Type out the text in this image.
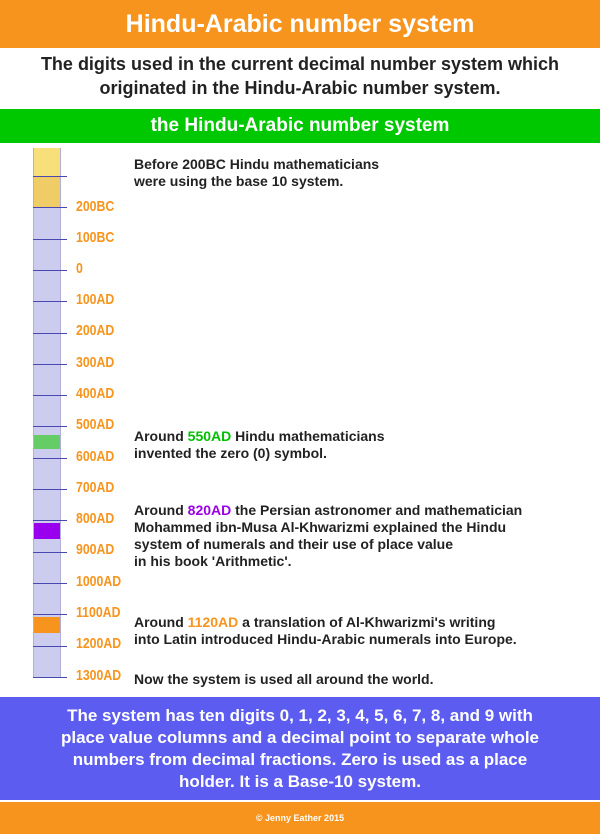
Hindu-Arabic number system
The digits used in the current decimal number system which
originated in the Hindu-Arabic number system.
the Hindu-Arabic number system
200BC
100BC
0
100AD
200AD
300AD
400AD
500AD
600AD
700AD
800AD
900AD
1000AD
1100AD
1200AD
1300AD
Before 200BC Hindu mathematicians
were using the base 10 system.
Around 550AD Hindu mathematicians
invented the zero (0) symbol.
Around 820AD the Persian astronomer and mathematician
Mohammed ibn-Musa Al-Khwarizmi explained the Hindu
system of numerals and their use of place value
in his book 'Arithmetic'.
Around 1120AD a translation of Al-Khwarizmi's writing
into Latin introduced Hindu-Arabic numerals into Europe.
Now the system is used all around the world.
The system has ten digits 0, 1, 2, 3, 4, 5, 6, 7, 8, and 9 with
place value columns and a decimal point to separate whole
numbers from decimal fractions. Zero is used as a place
holder. It is a Base-10 system.
© Jenny Eather 2015
